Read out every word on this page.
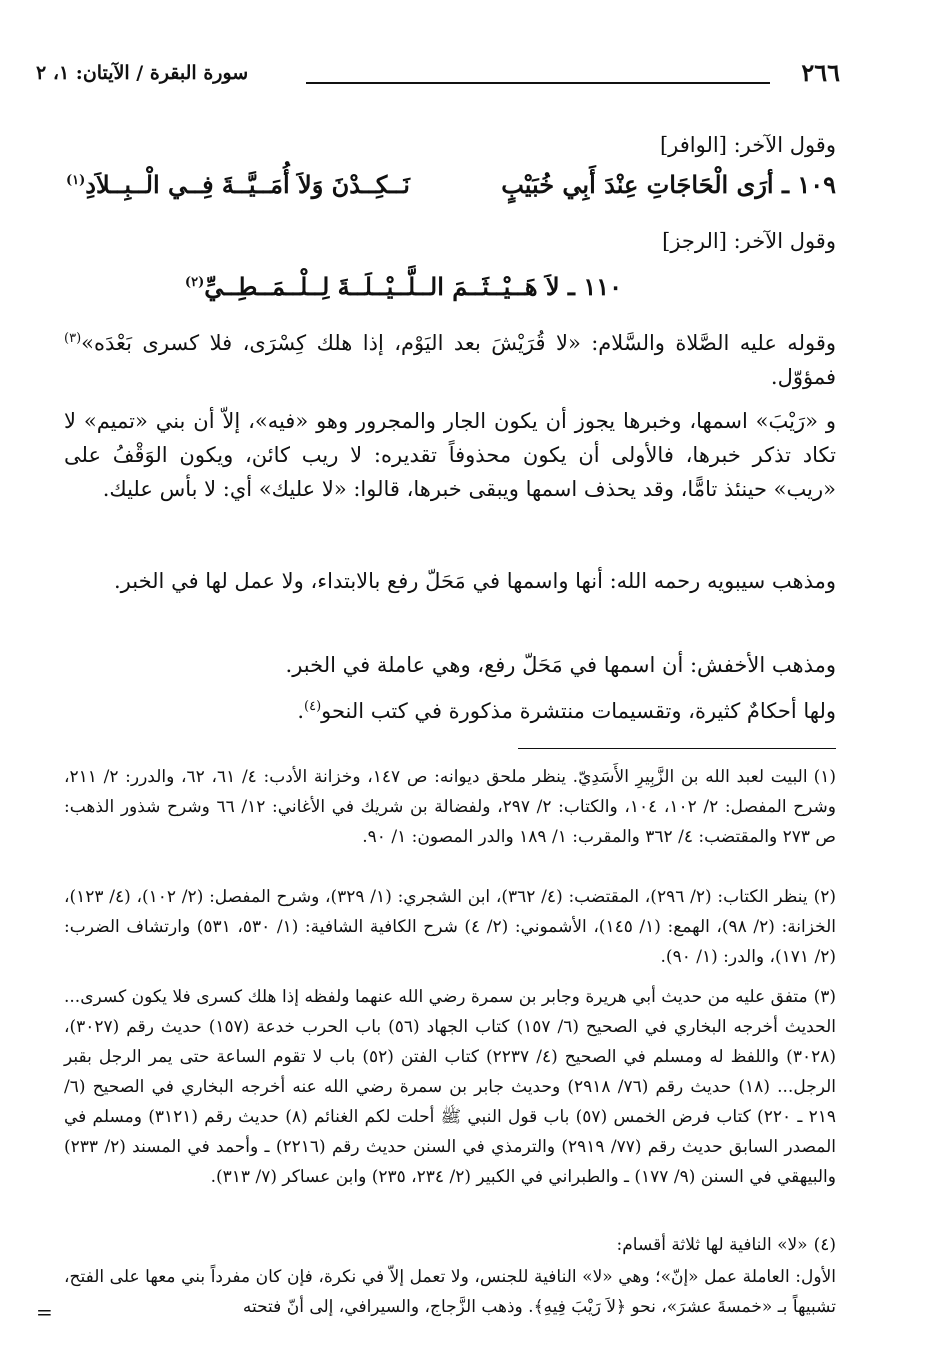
٢٦٦
سورة البقرة / الآيتان: ١، ٢
وقول الآخر: [الوافر]
١٠٩ ـ أرَى الْحَاجَاتِ عِنْدَ أَبِي خُبَيْبٍ
نَــكِــدْنَ وَلاَ أُمَــيَّــةَ فِــي الْــبِــلاَدِ$^{(١)}$
وقول الآخر: [الرجز]
١١٠ ـ لاَ هَــيْــثَــمَ الــلَّــيْــلَــةَ لِــلْــمَــطِــيِّ$^{(٢)}$
وقوله عليه الصَّلاة والسَّلام: «لا قُرَيْشَ بعد اليَوْم، إذا هلك كِسْرَى، فلا كسرى بَعْدَه»$^{(٣)}$ فمؤوّل.
و «رَيْبَ» اسمها، وخبرها يجوز أن يكون الجار والمجرور وهو «فيه»، إلاّ أن بني «تميم» لا تكاد تذكر خبرها، فالأولى أن يكون محذوفاً تقديره: لا ريب كائن، ويكون الوَقْفُ على «ريب» حينئذ تامًّا، وقد يحذف اسمها ويبقى خبرها، قالوا: «لا عليك» أي: لا بأس عليك.
ومذهب سيبويه رحمه الله: أنها واسمها في مَحَلّ رفع بالابتداء، ولا عمل لها في الخبر.
ومذهب الأخفش: أن اسمها في مَحَلّ رفع، وهي عاملة في الخبر.
ولها أحكامٌ كثيرة، وتقسيمات منتشرة مذكورة في كتب النحو$^{(٤)}$.
(١)البيت لعبد الله بن الزَّبِيرِ الأَسَدِيّ. ينظر ملحق ديوانه: ص ١٤٧، وخزانة الأدب: ٤/ ٦١، ٦٢، والدرر: ٢/ ٢١١، وشرح المفصل: ٢/ ١٠٢، ١٠٤، والكتاب: ٢/ ٢٩٧، ولفضالة بن شريك في الأغاني: ١٢/ ٦٦ وشرح شذور الذهب: ص ٢٧٣ والمقتضب: ٤/ ٣٦٢ والمقرب: ١/ ١٨٩ والدر المصون: ١/ ٩٠.
(٢)ينظر الكتاب: (٢/ ٢٩٦)، المقتضب: (٤/ ٣٦٢)، ابن الشجري: (١/ ٣٢٩)، وشرح المفصل: (٢/ ١٠٢)، (٤/ ١٢٣)، الخزانة: (٢/ ٩٨)، الهمع: (١/ ١٤٥)، الأشموني: (٢/ ٤) شرح الكافية الشافية: (١/ ٥٣٠، ٥٣١) وارتشاف الضرب: (٢/ ١٧١)، والدر: (١/ ٩٠).
(٣)متفق عليه من حديث أبي هريرة وجابر بن سمرة رضي الله عنهما ولفظه إذا هلك كسرى فلا يكون كسرى... الحديث أخرجه البخاري في الصحيح (٦/ ١٥٧) كتاب الجهاد (٥٦) باب الحرب خدعة (١٥٧) حديث رقم (٣٠٢٧)، (٣٠٢٨) واللفظ له ومسلم في الصحيح (٤/ ٢٢٣٧) كتاب الفتن (٥٢) باب لا تقوم الساعة حتى يمر الرجل بقبر الرجل... (١٨) حديث رقم (٧٦/ ٢٩١٨) وحديث جابر بن سمرة رضي الله عنه أخرجه البخاري في الصحيح (٦/ ٢١٩ ـ ٢٢٠) كتاب فرض الخمس (٥٧) باب قول النبي ﷺ أحلت لكم الغنائم (٨) حديث رقم (٣١٢١) ومسلم في المصدر السابق حديث رقم (٧٧/ ٢٩١٩) والترمذي في السنن حديث رقم (٢٢١٦) ـ وأحمد في المسند (٢/ ٢٣٣) والبيهقي في السنن (٩/ ١٧٧) ـ والطبراني في الكبير (٢/ ٢٣٤، ٢٣٥) وابن عساكر (٧/ ٣١٣).
(٤)«لا» النافية لها ثلاثة أقسام:
الأول: العاملة عمل «إنّ»؛ وهي «لا» النافية للجنس، ولا تعمل إلاّ في نكرة، فإن كان مفرداً بني معها على الفتح، تشبيهاً بـ «خمسةَ عشرَ»، نحو ﴿لاَ رَيْبَ فِيهِ﴾. وذهب الزَّجاج، والسيرافي، إلى أنّ فتحته
=
